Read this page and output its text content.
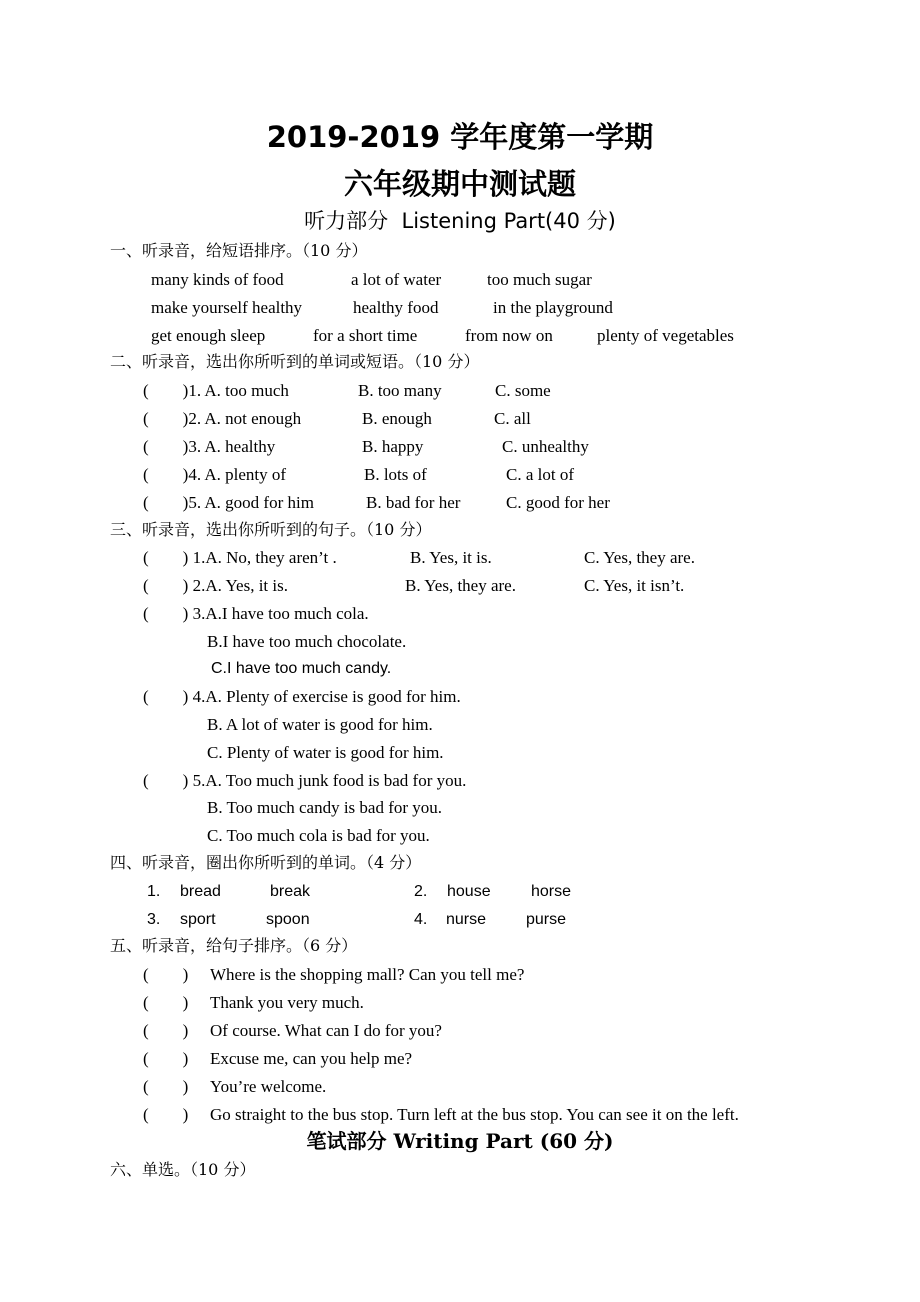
2019-2019 学年度第一学期
六年级期中测试题
听力部分  Listening Part(40 分)
一、听录音，给短语排序。（10 分）
many kinds of food	a lot of water	too much sugar
make yourself healthy	healthy food	in the playground
get enough sleep	for a short time	from now on	plenty of vegetables
二、听录音，选出你所听到的单词或短语。（10 分）
(        )1. A. too much	B. too many	C. some
(        )2. A. not enough	B. enough	C. all
(        )3. A. healthy	B. happy	C. unhealthy
(        )4. A. plenty of	B. lots of	C. a lot of
(        )5. A. good for him	B. bad for her	C. good for her
三、听录音，选出你所听到的句子。（10 分）
(        ) 1.A. No, they aren’t .	B. Yes, it is.	C. Yes, they are.
(        ) 2.A. Yes, it is.	B. Yes, they are.	C. Yes, it isn’t.
(        ) 3.A.I have too much cola.
B.I have too much chocolate.
C.I have too much candy.
(        ) 4.A. Plenty of exercise is good for him.
B. A lot of water is good for him.
C. Plenty of water is good for him.
(        ) 5.A. Too much junk food is bad for you.
B. Too much candy is bad for you.
C. Too much cola is bad for you.
四、听录音，圈出你所听到的单词。（4 分）
1. bread	break	2. house	horse
3. sport	spoon	4. nurse purse
五、听录音，给句子排序。（6 分）
(        ) Where is the shopping mall? Can you tell me?
(        ) Thank you very much.
(        ) Of course. What can I do for you?
(        ) Excuse me, can you help me?
(        ) You’re welcome.
(        ) Go straight to the bus stop. Turn left at the bus stop. You can see it on the left.
笔试部分 Writing Part (60 分)
六、单选。（10 分）
